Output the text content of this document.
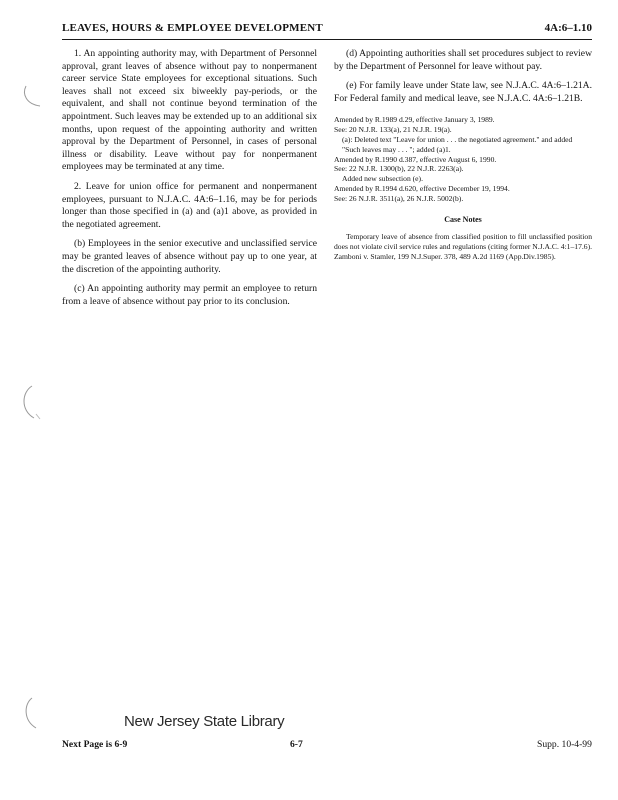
LEAVES, HOURS & EMPLOYEE DEVELOPMENT	4A:6–1.10

1. An appointing authority may, with Department of Personnel approval, grant leaves of absence without pay to nonpermanent career service State employees for exceptional situations. Such leaves shall not exceed six biweekly pay-periods, or the equivalent, and shall not continue beyond termination of the appointment. Such leaves may be extended up to an additional six months, upon request of the appointing authority and written approval by the Department of Personnel, in cases of personal illness or disability. Leave without pay for nonpermanent employees may be terminated at any time.

2. Leave for union office for permanent and nonpermanent employees, pursuant to N.J.A.C. 4A:6–1.16, may be for periods longer than those specified in (a) and (a)1 above, as provided in the negotiated agreement.

(b) Employees in the senior executive and unclassified service may be granted leaves of absence without pay up to one year, at the discretion of the appointing authority.

(c) An appointing authority may permit an employee to return from a leave of absence without pay prior to its conclusion.

(d) Appointing authorities shall set procedures subject to review by the Department of Personnel for leave without pay.

(e) For family leave under State law, see N.J.A.C. 4A:6–1.21A. For Federal family and medical leave, see N.J.A.C. 4A:6–1.21B.

Amended by R.1989 d.29, effective January 3, 1989.
See: 20 N.J.R. 133(a), 21 N.J.R. 19(a).
(a): Deleted text "Leave for union . . . the negotiated agreement." and added "Such leaves may . . . "; added (a)1.
Amended by R.1990 d.387, effective August 6, 1990.
See: 22 N.J.R. 1300(b), 22 N.J.R. 2263(a).
Added new subsection (e).
Amended by R.1994 d.620, effective December 19, 1994.
See: 26 N.J.R. 3511(a), 26 N.J.R. 5002(b).
Case Notes

Temporary leave of absence from classified position to fill unclassified position does not violate civil service rules and regulations (citing former N.J.A.C. 4:1–17.6). Zamboni v. Stamler, 199 N.J.Super. 378, 489 A.2d 1169 (App.Div.1985).

New Jersey State Library
Next Page is 6-9	6-7	Supp. 10-4-99
